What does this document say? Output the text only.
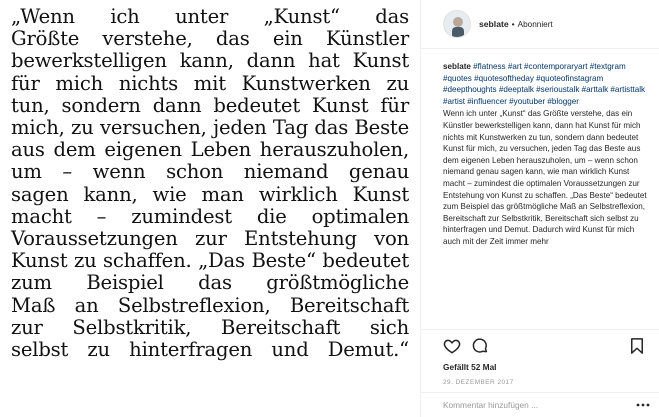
„Wenn ich unter „Kunst“ das
Größte verstehe, das ein Künstler
bewerkstelligen kann, dann hat Kunst
für mich nichts mit Kunstwerken zu
tun, sondern dann bedeutet Kunst für
mich, zu versuchen, jeden Tag das Beste
aus dem eigenen Leben herauszuholen,
um – wenn schon niemand genau
sagen kann, wie man wirklich Kunst
macht – zumindest die optimalen
Voraussetzungen zur Entstehung von
Kunst zu schaffen. „Das Beste“ bedeutet
zum Beispiel das größtmögliche
Maß an Selbstreflexion, Bereitschaft
zur Selbstkritik, Bereitschaft sich
selbst zu hinterfragen und Demut.“
seblate • Abonniert
seblate #flatness #art #contemporaryart #textgram #quotes #quotesoftheday #quoteofinstagram #deepthoughts #deeptalk #serioustalk #arttalk #artisttalk #artist #influencer #youtuber #blogger
Wenn ich unter „Kunst“ das Größte verstehe, das ein Künstler bewerkstelligen kann, dann hat Kunst für mich nichts mit Kunstwerken zu tun, sondern dann bedeutet Kunst für mich, zu versuchen, jeden Tag das Beste aus dem eigenen Leben herauszuholen, um – wenn schon niemand genau sagen kann, wie man wirklich Kunst macht – zumindest die optimalen Voraussetzungen zur Entstehung von Kunst zu schaffen. „Das Beste“ bedeutet zum Beispiel das größtmögliche Maß an Selbstreflexion, Bereitschaft zur Selbstkritik, Bereitschaft sich selbst zu hinterfragen und Demut. Dadurch wird Kunst für mich auch mit der Zeit immer mehr
Gefällt 52 Mal
29. DEZEMBER 2017
Kommentar hinzufügen ...
